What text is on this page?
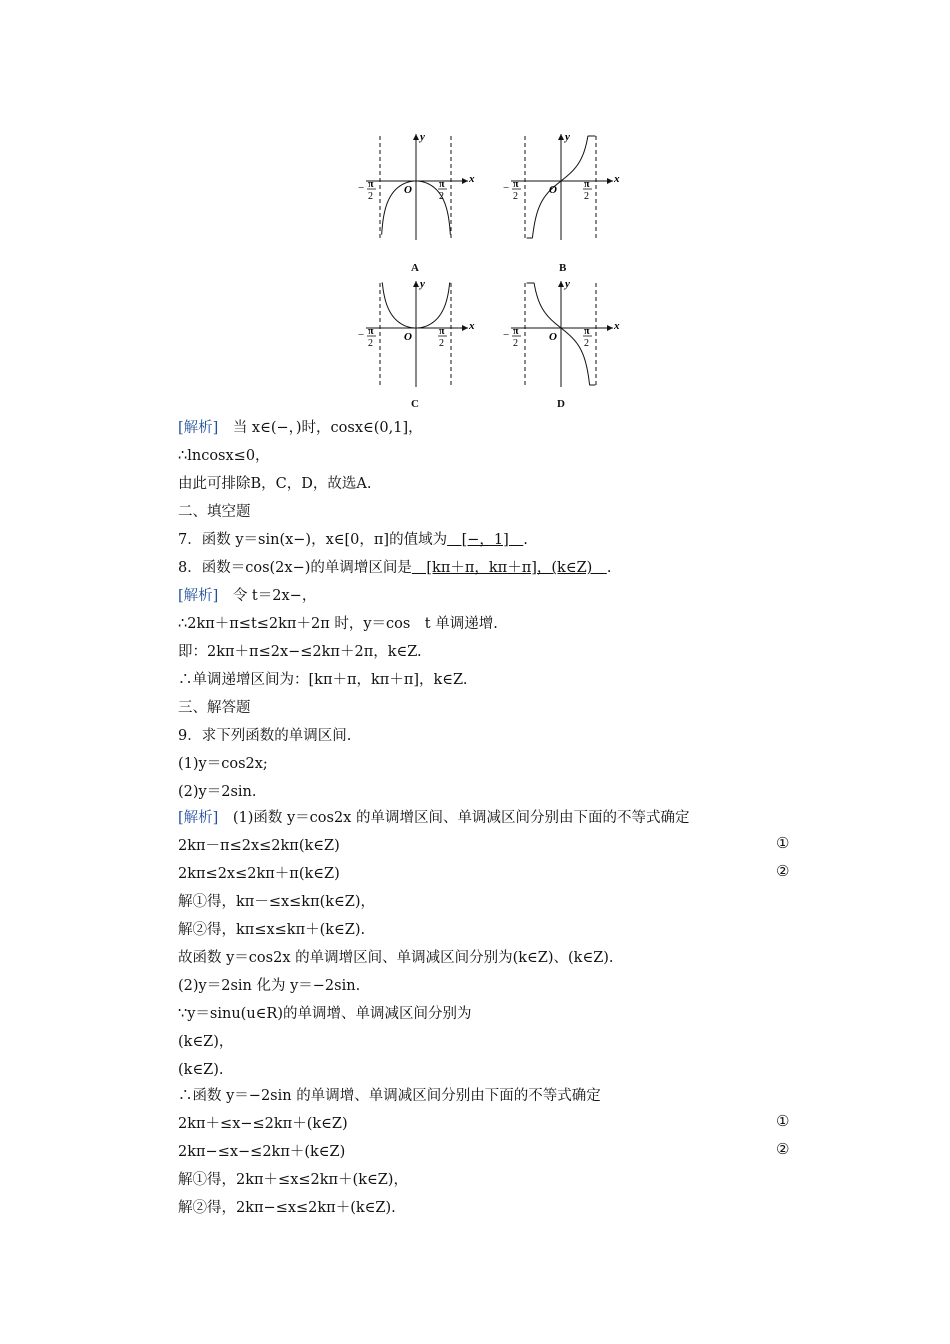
y
x
O
− π
2
π
2
y
x
O
− π
2
π
2
y
x
O
− π
2
π
2
y
x
O
− π
2
π
2
A	B
C	D
[解析]　当 x∈(−，)时，cosx∈(0,1]，
∴lncosx≤0，
由此可排除B，C，D，故选A.
二、填空题
7．函数 y＝sin(x−)，x∈[0，π]的值域为　[−，1]　.
8．函数＝cos(2x−)的单调增区间是　[kπ＋π，kπ＋π]，(k∈Z)　.
[解析]　令 t＝2x−，
∴2kπ＋π≤t≤2kπ＋2π 时，y＝cos　t 单调递增.
即：2kπ＋π≤2x−≤2kπ＋2π，k∈Z.
∴单调递增区间为：[kπ＋π，kπ＋π]，k∈Z.
三、解答题
9．求下列函数的单调区间.
(1)y＝cos2x;
(2)y＝2sin.
[解析]　(1)函数 y＝cos2x 的单调增区间、单调减区间分别由下面的不等式确定
2kπ－π≤2x≤2kπ(k∈Z)	①
2kπ≤2x≤2kπ＋π(k∈Z)	②
解①得，kπ－≤x≤kπ(k∈Z)，
解②得，kπ≤x≤kπ＋(k∈Z).
故函数 y＝cos2x 的单调增区间、单调减区间分别为(k∈Z)、(k∈Z).
(2)y＝2sin 化为 y＝−2sin.
∵y＝sinu(u∈R)的单调增、单调减区间分别为
(k∈Z)，
(k∈Z).
∴函数 y＝−2sin 的单调增、单调减区间分别由下面的不等式确定
2kπ＋≤x−≤2kπ＋(k∈Z)	①
2kπ−≤x−≤2kπ＋(k∈Z)	②
解①得，2kπ＋≤x≤2kπ＋(k∈Z)，
解②得，2kπ−≤x≤2kπ＋(k∈Z).
